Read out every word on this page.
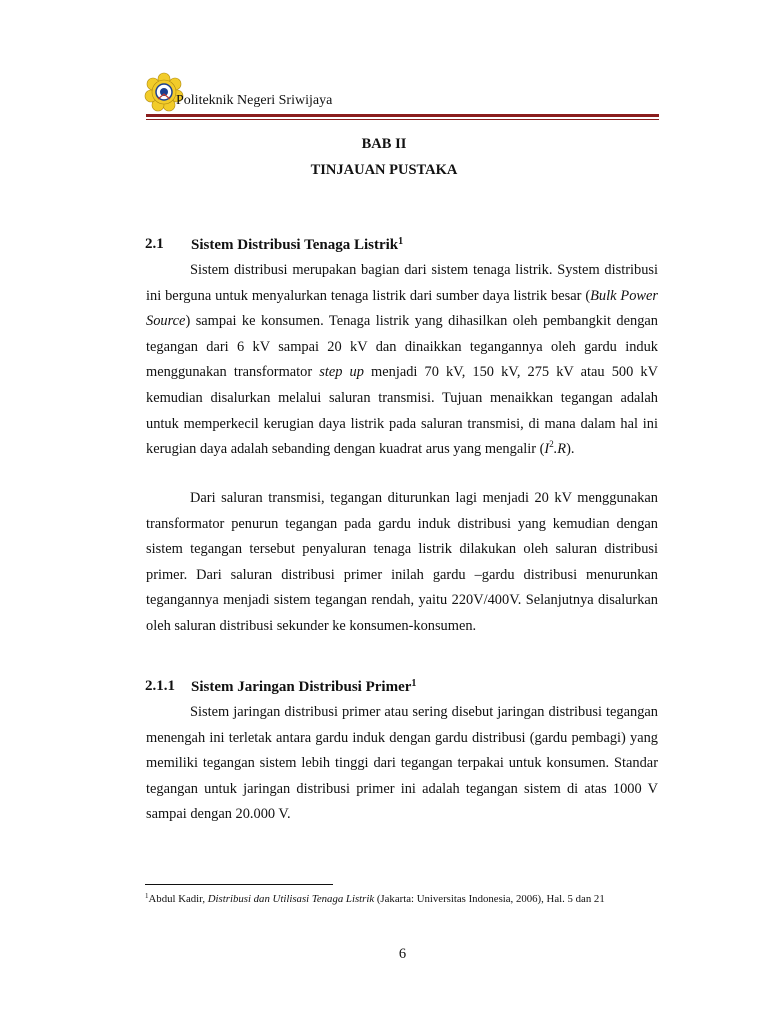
Politeknik Negeri Sriwijaya
BAB II
TINJAUAN PUSTAKA
2.1 Sistem Distribusi Tenaga Listrik$^1$
Sistem distribusi merupakan bagian dari sistem tenaga listrik. System distribusi ini berguna untuk menyalurkan tenaga listrik dari sumber daya listrik besar (Bulk Power Source) sampai ke konsumen. Tenaga listrik yang dihasilkan oleh pembangkit dengan tegangan dari 6 kV sampai 20 kV dan dinaikkan tegangannya oleh gardu induk menggunakan transformator step up menjadi 70 kV, 150 kV, 275 kV atau 500 kV kemudian disalurkan melalui saluran transmisi. Tujuan menaikkan tegangan adalah untuk memperkecil kerugian daya listrik pada saluran transmisi, di mana dalam hal ini kerugian daya adalah sebanding dengan kuadrat arus yang mengalir $(I^2.R)$.
Dari saluran transmisi, tegangan diturunkan lagi menjadi 20 kV menggunakan transformator penurun tegangan pada gardu induk distribusi yang kemudian dengan sistem tegangan tersebut penyaluran tenaga listrik dilakukan oleh saluran distribusi primer. Dari saluran distribusi primer inilah gardu –gardu distribusi menurunkan tegangannya menjadi sistem tegangan rendah, yaitu 220V/400V. Selanjutnya disalurkan oleh saluran distribusi sekunder ke konsumen-konsumen.
2.1.1 Sistem Jaringan Distribusi Primer$^1$
Sistem jaringan distribusi primer atau sering disebut jaringan distribusi tegangan menengah ini terletak antara gardu induk dengan gardu distribusi (gardu pembagi) yang memiliki tegangan sistem lebih tinggi dari tegangan terpakai untuk konsumen. Standar tegangan untuk jaringan distribusi primer ini adalah tegangan sistem di atas 1000 V sampai dengan 20.000 V.
$^1$Abdul Kadir, Distribusi dan Utilisasi Tenaga Listrik (Jakarta: Universitas Indonesia, 2006), Hal. 5 dan 21
6
